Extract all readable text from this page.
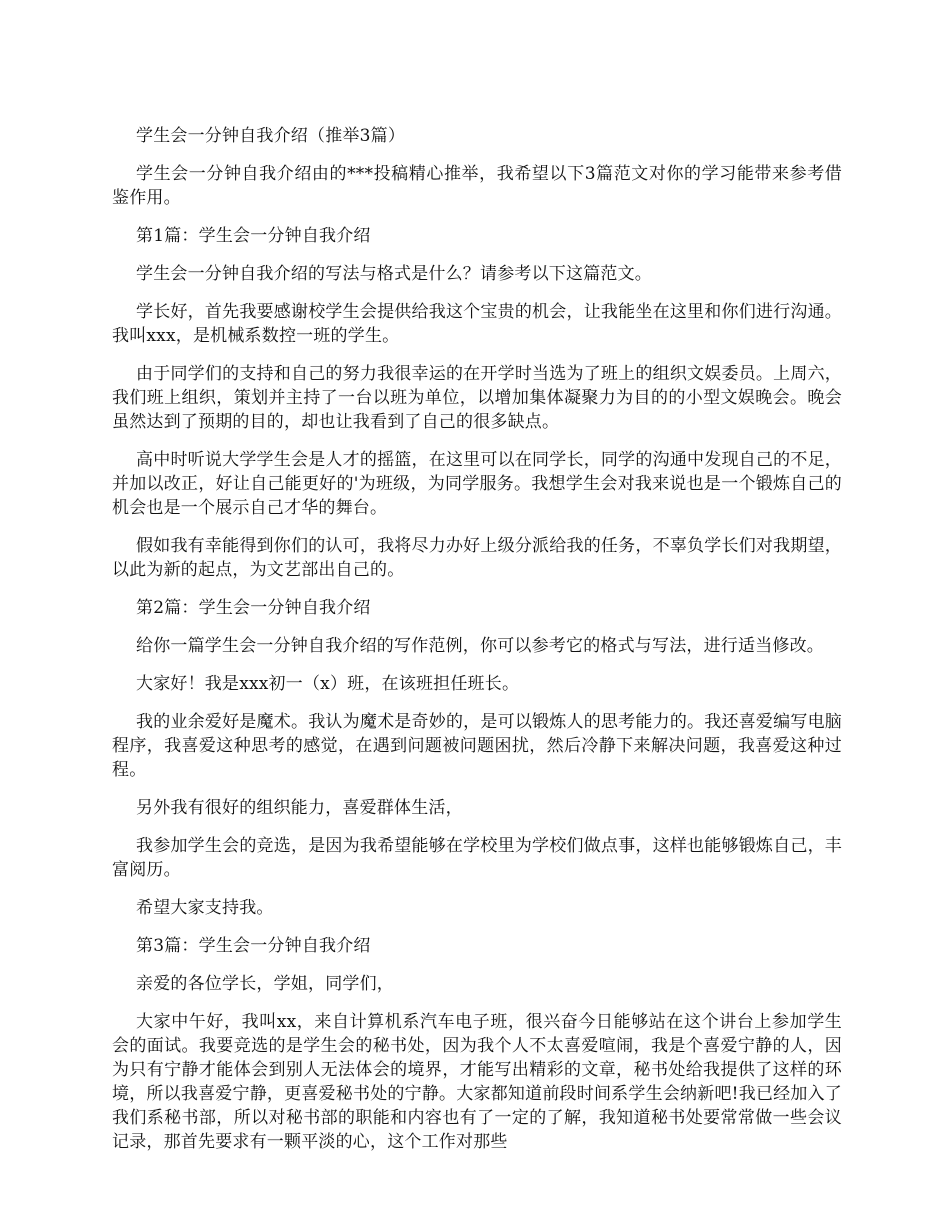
学生会一分钟自我介绍（推举3篇）

学生会一分钟自我介绍由的***投稿精心推举，我希望以下3篇范文对你的学习能带来参考借鉴作用。

第1篇：学生会一分钟自我介绍

学生会一分钟自我介绍的写法与格式是什么？请参考以下这篇范文。

学长好，首先我要感谢校学生会提供给我这个宝贵的机会，让我能坐在这里和你们进行沟通。我叫xxx，是机械系数控一班的学生。

由于同学们的支持和自己的努力我很幸运的在开学时当选为了班上的组织文娱委员。上周六，我们班上组织，策划并主持了一台以班为单位，以增加集体凝聚力为目的的小型文娱晚会。晚会虽然达到了预期的目的，却也让我看到了自己的很多缺点。

高中时听说大学学生会是人才的摇篮，在这里可以在同学长，同学的沟通中发现自己的不足，并加以改正，好让自己能更好的'为班级，为同学服务。我想学生会对我来说也是一个锻炼自己的机会也是一个展示自己才华的舞台。

假如我有幸能得到你们的认可，我将尽力办好上级分派给我的任务，不辜负学长们对我期望，以此为新的起点，为文艺部出自己的。

第2篇：学生会一分钟自我介绍

给你一篇学生会一分钟自我介绍的写作范例，你可以参考它的格式与写法，进行适当修改。

大家好！我是xxx初一（x）班，在该班担任班长。

我的业余爱好是魔术。我认为魔术是奇妙的，是可以锻炼人的思考能力的。我还喜爱编写电脑程序，我喜爱这种思考的感觉，在遇到问题被问题困扰，然后冷静下来解决问题，我喜爱这种过程。

另外我有很好的组织能力，喜爱群体生活，

我参加学生会的竞选，是因为我希望能够在学校里为学校们做点事，这样也能够锻炼自己，丰富阅历。

希望大家支持我。

第3篇：学生会一分钟自我介绍

亲爱的各位学长，学姐，同学们，

大家中午好，我叫xx，来自计算机系汽车电子班，很兴奋今日能够站在这个讲台上参加学生会的面试。我要竞选的是学生会的秘书处，因为我个人不太喜爱喧闹，我是个喜爱宁静的人，因为只有宁静才能体会到别人无法体会的境界，才能写出精彩的文章，秘书处给我提供了这样的环境，所以我喜爱宁静，更喜爱秘书处的宁静。大家都知道前段时间系学生会纳新吧!我已经加入了我们系秘书部，所以对秘书部的职能和内容也有了一定的了解，我知道秘书处要常常做一些会议记录，那首先要求有一颗平淡的心，这个工作对那些
